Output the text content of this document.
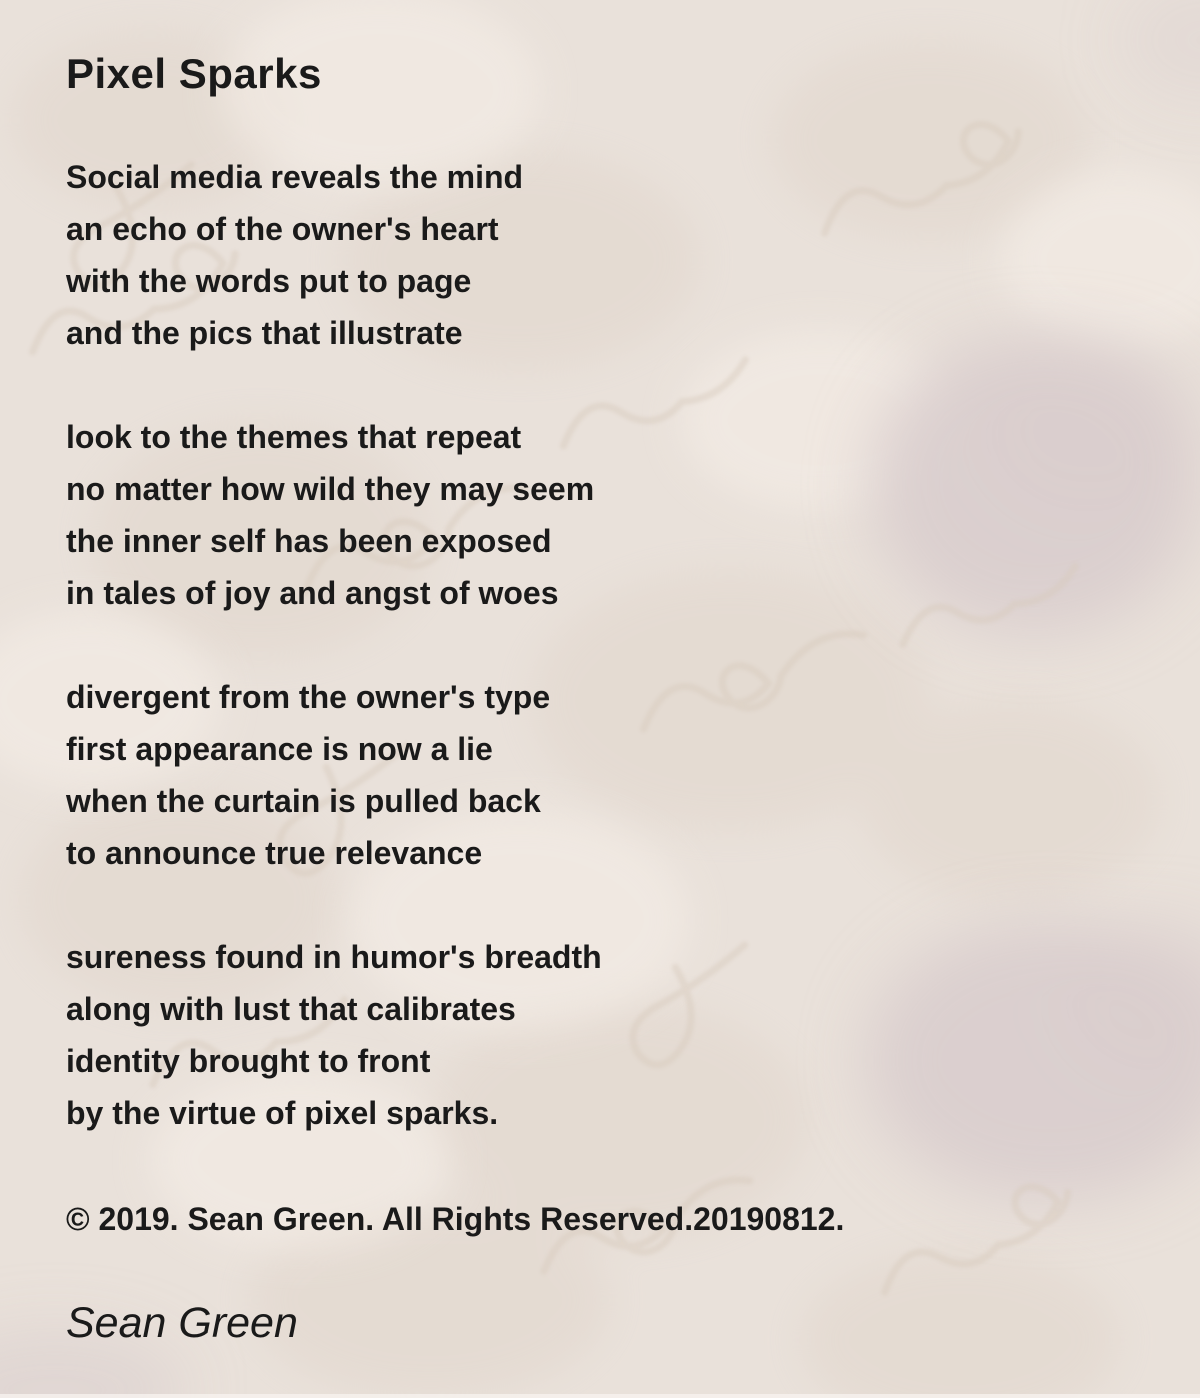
Pixel Sparks

Social media reveals the mind

an echo of the owner's heart

with the words put to page

and the pics that illustrate

look to the themes that repeat

no matter how wild they may seem

the inner self has been exposed

in tales of joy and angst of woes

divergent from the owner's type

first appearance is now a lie

when the curtain is pulled back

to announce true relevance

sureness found in humor's breadth

along with lust that calibrates

identity brought to front

by the virtue of pixel sparks.

© 2019. Sean Green. All Rights Reserved.20190812.

Sean Green
